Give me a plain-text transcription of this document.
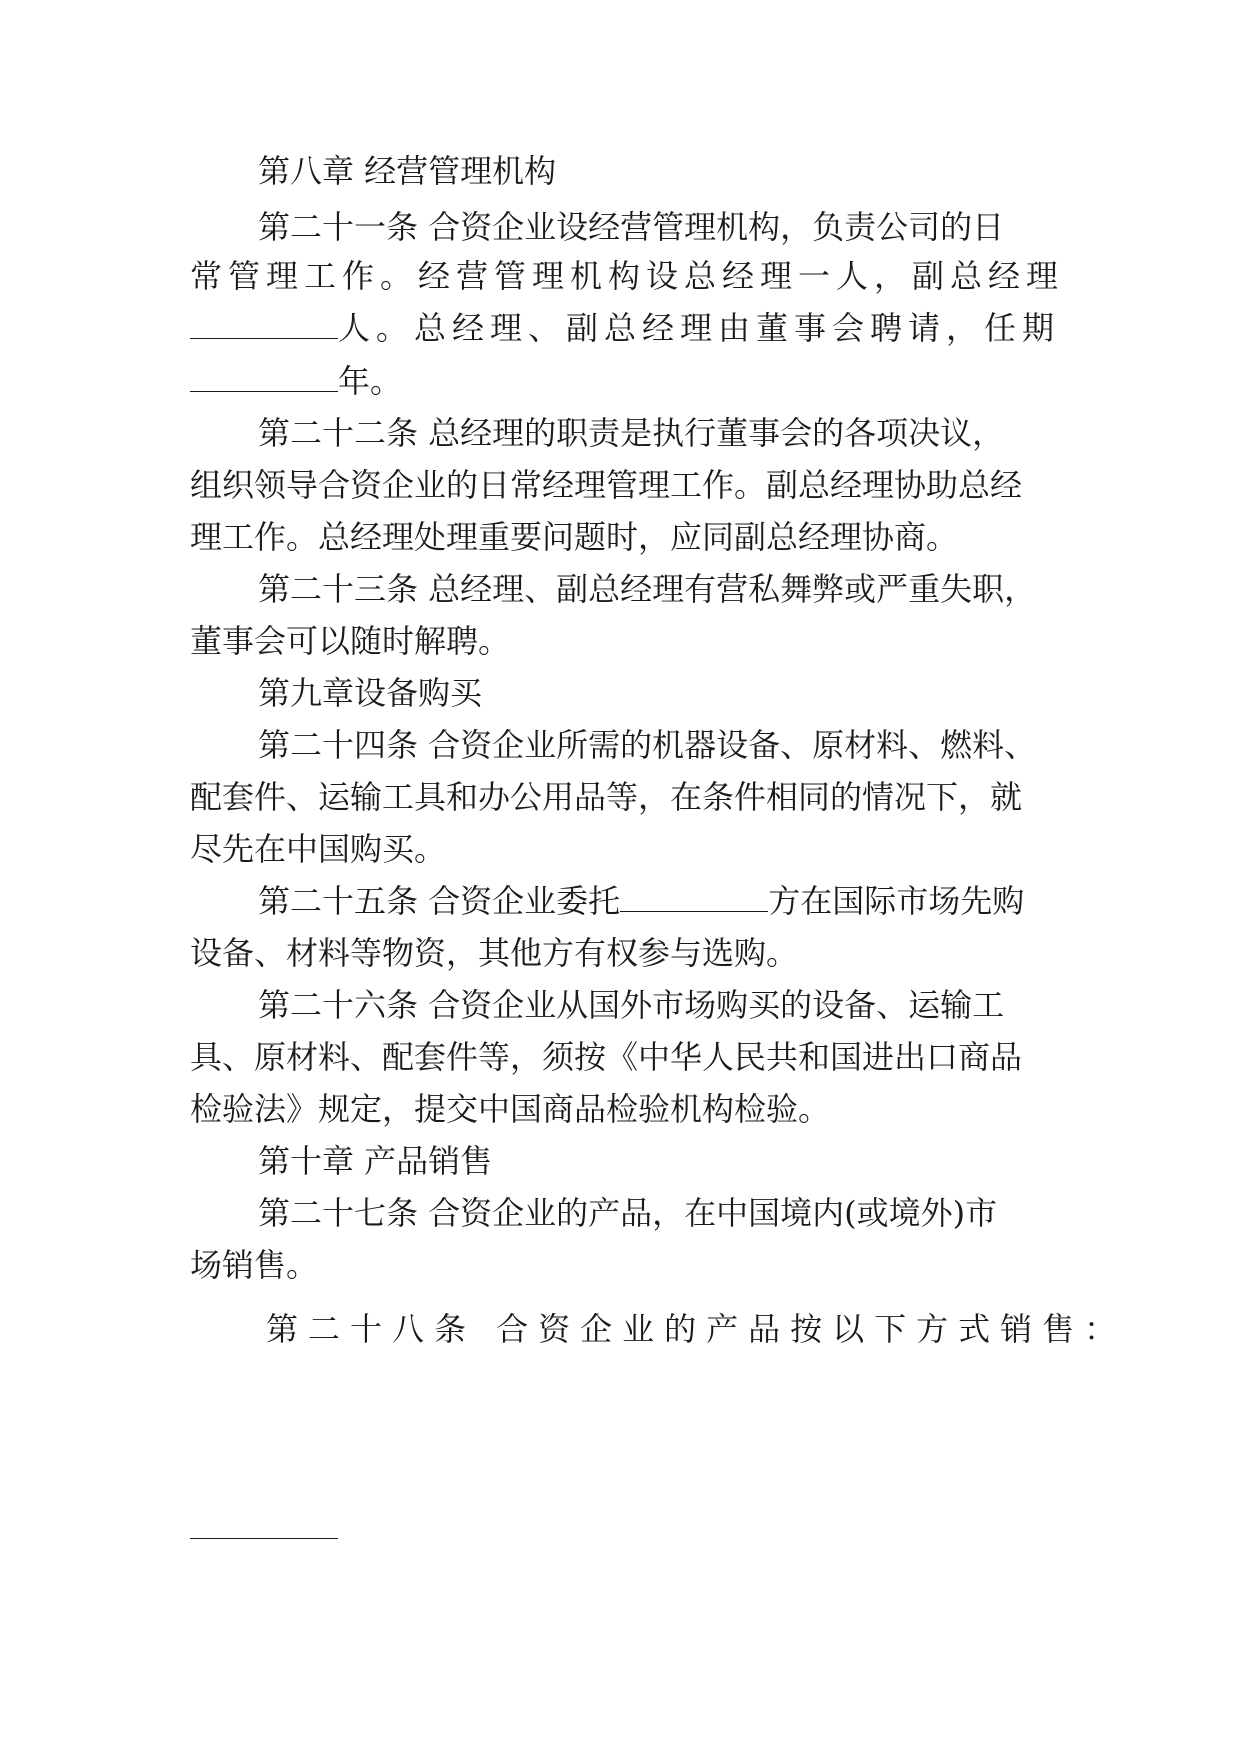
第八章 经营管理机构
第二十一条 合资企业设经营管理机构，负责公司的日
常管理工作。经营管理机构设总经理一人，副总经理
人。总经理、副总经理由董事会聘请，任期
年。
第二十二条 总经理的职责是执行董事会的各项决议，
组织领导合资企业的日常经理管理工作。副总经理协助总经
理工作。总经理处理重要问题时，应同副总经理协商。
第二十三条 总经理、副总经理有营私舞弊或严重失职，
董事会可以随时解聘。
第九章设备购买
第二十四条 合资企业所需的机器设备、原材料、燃料、
配套件、运输工具和办公用品等，在条件相同的情况下，就
尽先在中国购买。
第二十五条 合资企业委托	方在国际市场先购
设备、材料等物资，其他方有权参与选购。
第二十六条 合资企业从国外市场购买的设备、运输工
具、原材料、配套件等，须按《中华人民共和国进出口商品
检验法》规定，提交中国商品检验机构检验。
第十章 产品销售
第二十七条 合资企业的产品，在中国境内(或境外)市
场销售。
第二十八条 合资企业的产品按以下方式销售：
